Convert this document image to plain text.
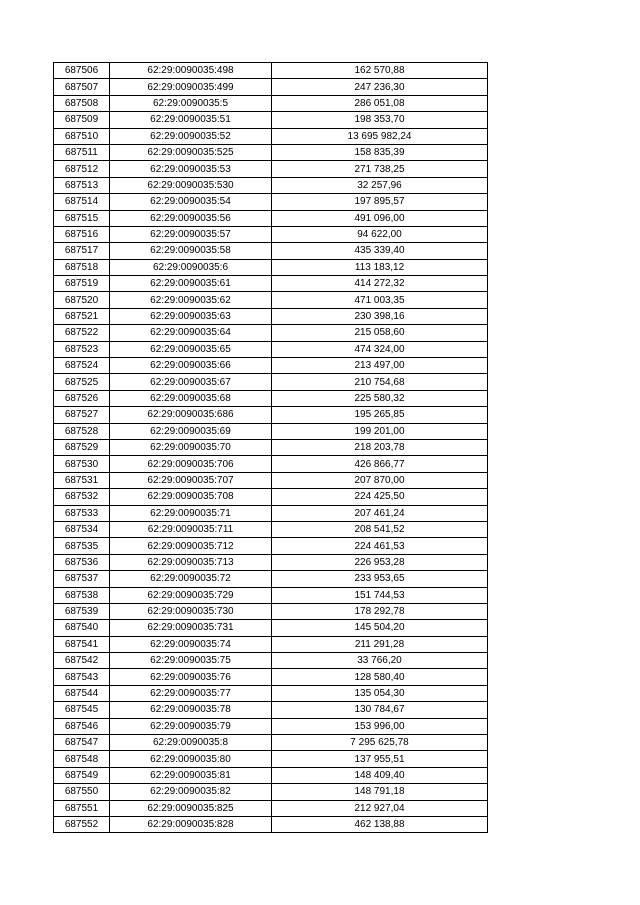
687506	62:29:0090035:498	162 570,88
687507	62:29:0090035:499	247 236,30
687508	62:29:0090035:5	286 051,08
687509	62:29:0090035:51	198 353,70
687510	62:29:0090035:52	13 695 982,24
687511	62:29:0090035:525	158 835,39
687512	62:29:0090035:53	271 738,25
687513	62:29:0090035:530	32 257,96
687514	62:29:0090035:54	197 895,57
687515	62:29:0090035:56	491 096,00
687516	62:29:0090035:57	94 622,00
687517	62:29:0090035:58	435 339,40
687518	62:29:0090035:6	113 183,12
687519	62:29:0090035:61	414 272,32
687520	62:29:0090035:62	471 003,35
687521	62:29:0090035:63	230 398,16
687522	62:29:0090035:64	215 058,60
687523	62:29:0090035:65	474 324,00
687524	62:29:0090035:66	213 497,00
687525	62:29:0090035:67	210 754,68
687526	62:29:0090035:68	225 580,32
687527	62:29:0090035:686	195 265,85
687528	62:29:0090035:69	199 201,00
687529	62:29:0090035:70	218 203,78
687530	62:29:0090035:706	426 866,77
687531	62:29:0090035:707	207 870,00
687532	62:29:0090035:708	224 425,50
687533	62:29:0090035:71	207 461,24
687534	62:29:0090035:711	208 541,52
687535	62:29:0090035:712	224 461,53
687536	62:29:0090035:713	226 953,28
687537	62:29:0090035:72	233 953,65
687538	62:29:0090035:729	151 744,53
687539	62:29:0090035:730	178 292,78
687540	62:29:0090035:731	145 504,20
687541	62:29:0090035:74	211 291,28
687542	62:29:0090035:75	33 766,20
687543	62:29:0090035:76	128 580,40
687544	62:29:0090035:77	135 054,30
687545	62:29:0090035:78	130 784,67
687546	62:29:0090035:79	153 996,00
687547	62:29:0090035:8	7 295 625,78
687548	62:29:0090035:80	137 955,51
687549	62:29:0090035:81	148 409,40
687550	62:29:0090035:82	148 791,18
687551	62:29:0090035:825	212 927,04
687552	62:29:0090035:828	462 138,88
